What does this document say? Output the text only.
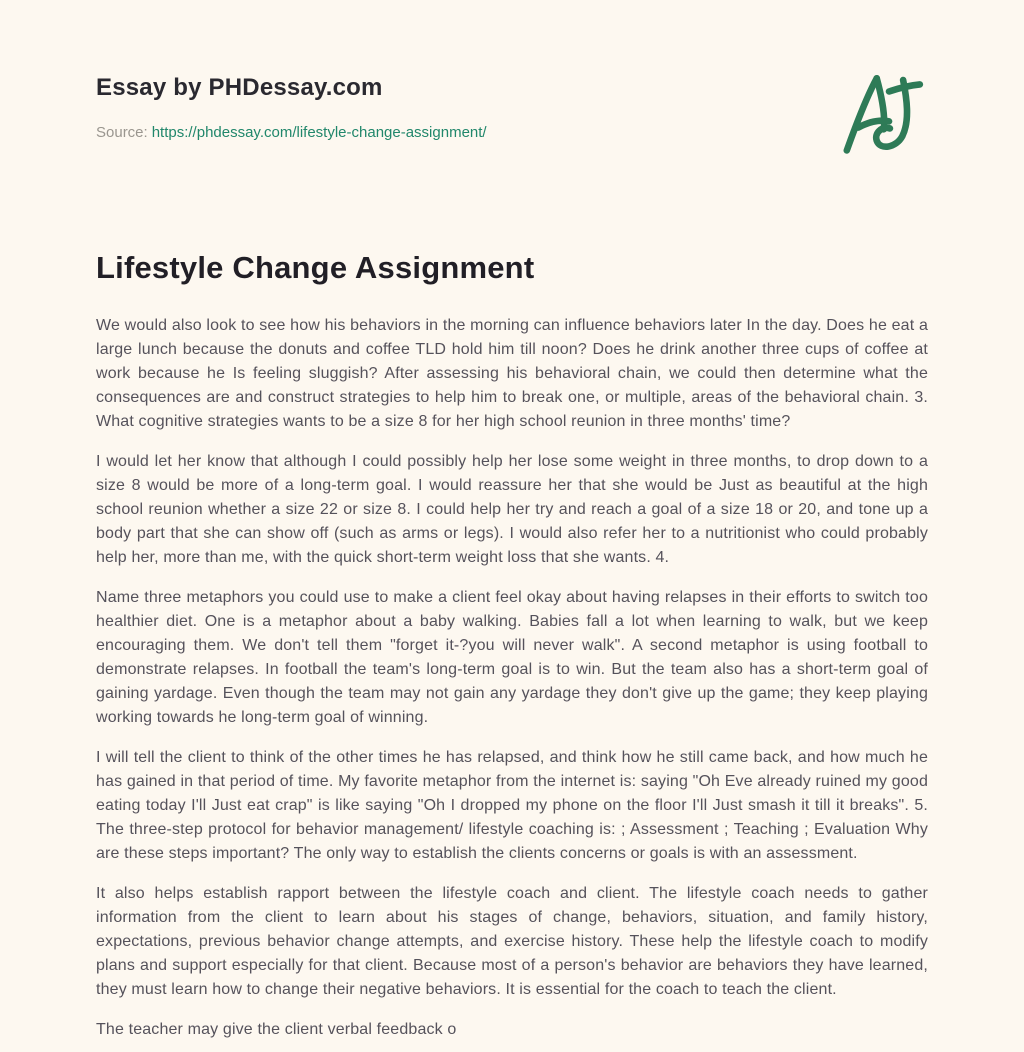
Essay by PHDessay.com
Source: https://phdessay.com/lifestyle-change-assignment/
Lifestyle Change Assignment

We would also look to see how his behaviors in the morning can influence behaviors later In the day. Does he eat a large lunch because the donuts and coffee TLD hold him till noon? Does he drink another three cups of coffee at work because he Is feeling sluggish? After assessing his behavioral chain, we could then determine what the consequences are and construct strategies to help him to break one, or multiple, areas of the behavioral chain. 3. What cognitive strategies wants to be a size 8 for her high school reunion in three months' time?

I would let her know that although I could possibly help her lose some weight in three months, to drop down to a size 8 would be more of a long-term goal. I would reassure her that she would be Just as beautiful at the high school reunion whether a size 22 or size 8. I could help her try and reach a goal of a size 18 or 20, and tone up a body part that she can show off (such as arms or legs). I would also refer her to a nutritionist who could probably help her, more than me, with the quick short-term weight loss that she wants. 4.

Name three metaphors you could use to make a client feel okay about having relapses in their efforts to switch too healthier diet. One is a metaphor about a baby walking. Babies fall a lot when learning to walk, but we keep encouraging them. We don't tell them "forget it-?you will never walk". A second metaphor is using football to demonstrate relapses. In football the team's long-term goal is to win. But the team also has a short-term goal of gaining yardage. Even though the team may not gain any yardage they don't give up the game; they keep playing working towards he long-term goal of winning.

I will tell the client to think of the other times he has relapsed, and think how he still came back, and how much he has gained in that period of time. My favorite metaphor from the internet is: saying "Oh Eve already ruined my good eating today I'll Just eat crap" is like saying "Oh I dropped my phone on the floor I'll Just smash it till it breaks". 5. The three-step protocol for behavior management/ lifestyle coaching is: ; Assessment ; Teaching ; Evaluation Why are these steps important? The only way to establish the clients concerns or goals is with an assessment.

It also helps establish rapport between the lifestyle coach and client. The lifestyle coach needs to gather information from the client to learn about his stages of change, behaviors, situation, and family history, expectations, previous behavior change attempts, and exercise history. These help the lifestyle coach to modify plans and support especially for that client. Because most of a person's behavior are behaviors they have learned, they must learn how to change their negative behaviors. It is essential for the coach to teach the client.

The teacher may give the client verbal feedback o
